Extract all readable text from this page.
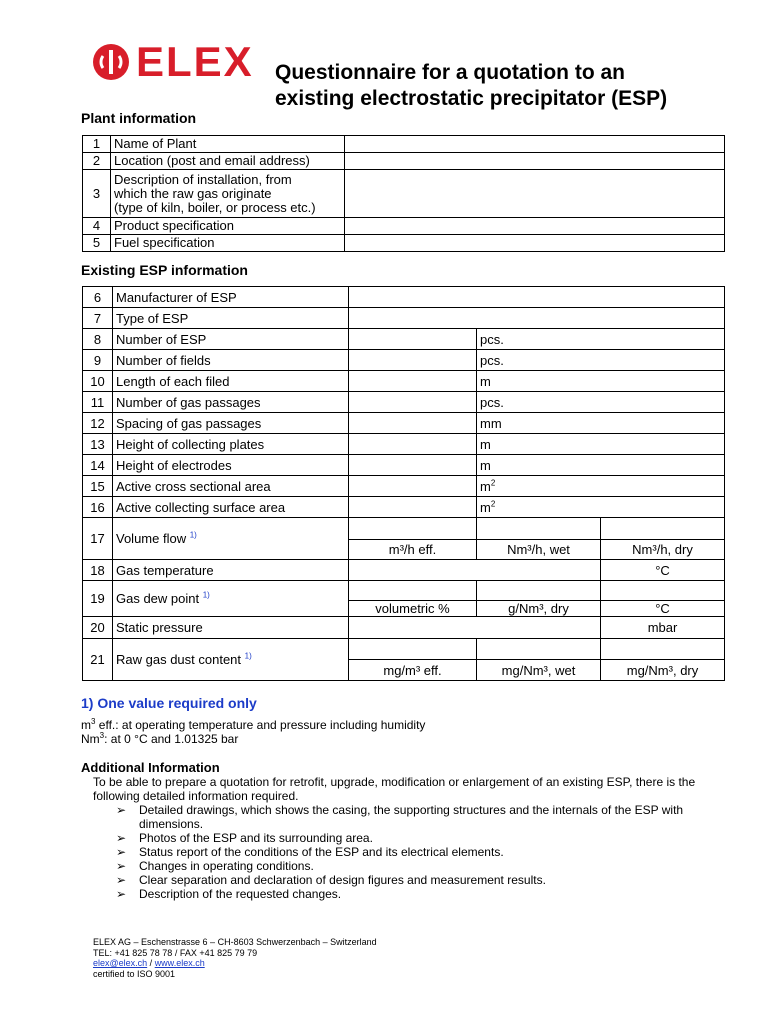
ELEX Questionnaire for a quotation to an
existing electrostatic precipitator (ESP)
Plant information
1	Name of Plant	
2	Location (post and email address)	
3	Description of installation, from
which the raw gas originate
(type of kiln, boiler, or process etc.)	

4	Product specification	
5	Fuel specification	
Existing ESP information
6	Manufacturer of ESP			
7	Type of ESP			
8	Number of ESP		pcs.	
9	Number of fields		pcs.	
10	Length of each filed		m	
11	Number of gas passages		pcs.	
12	Spacing of gas passages		mm	
13	Height of collecting plates		m	
14	Height of electrodes		m	
15	Active cross sectional area		$m^2$
16	Active collecting surface area		$m^2$
17	Volume flow $^{1)}$			
		m³/h eff.	Nm³/h, wet	Nm³/h, dry
18	Gas temperature			°C
19	Gas dew point $^{1)}$			
		volumetric %	g/Nm³, dry	°C
20	Static pressure			mbar
21	Raw gas dust content $^{1)}$			
		mg/m³ eff.	mg/Nm³, wet	mg/Nm³, dry
1) One value required only
$m^3$ eff.: at operating temperature and pressure including humidity
Nm$^3$: at 0 °C and 1.01325 bar
Additional Information
To be able to prepare a quotation for retrofit, upgrade, modification or enlargement of an existing ESP, there is the following detailed information required.
➢ Detailed drawings, which shows the casing, the supporting structures and the internals of the ESP with dimensions.
➢ Photos of the ESP and its surrounding area.
➢ Status report of the conditions of the ESP and its electrical elements.
➢ Changes in operating conditions.
➢ Clear separation and declaration of design figures and measurement results.
➢ Description of the requested changes.
ELEX AG – Eschenstrasse 6 – CH-8603 Schwerzenbach – Switzerland
TEL: +41 825 78 78 / FAX +41 825 79 79
elex@elex.ch / www.elex.ch
certified to ISO 9001
